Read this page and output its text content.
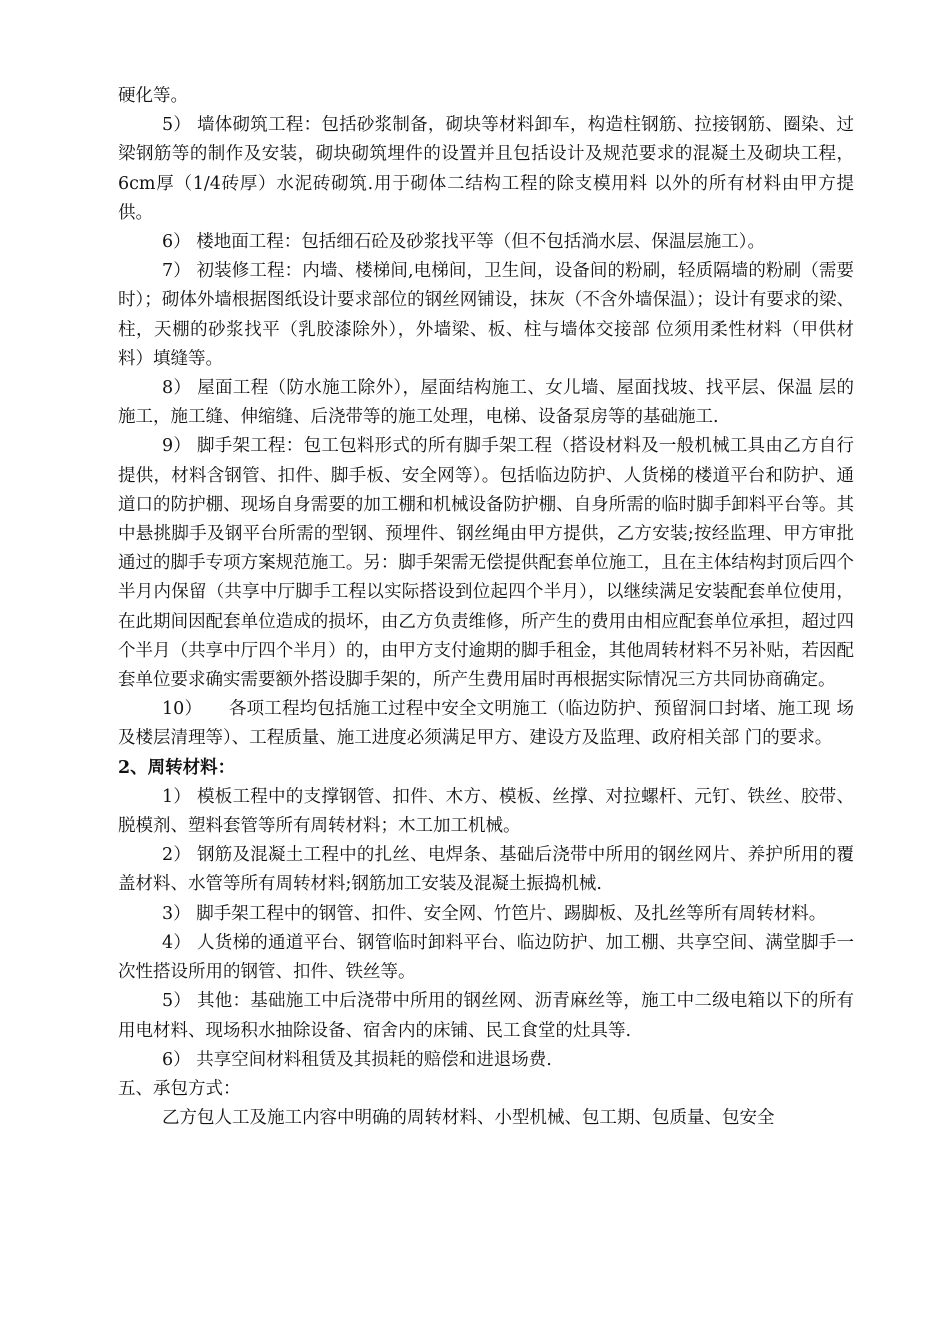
硬化等。

5） 墙体砌筑工程：包括砂浆制备，砌块等材料卸车，构造柱钢筋、拉接钢筋、圈染、过梁钢筋等的制作及安装，砌块砌筑埋件的设置并且包括设计及规范要求的混凝土及砌块工程，6cm厚（1/4砖厚）水泥砖砌筑.用于砌体二结构工程的除支模用料 以外的所有材料由甲方提供。

6） 楼地面工程：包括细石砼及砂浆找平等（但不包括淌水层、保温层施工）。

7） 初装修工程：内墙、楼梯间,电梯间，卫生间，设备间的粉刷，轻质隔墙的粉刷（需要时）；砌体外墙根据图纸设计要求部位的钢丝网铺设，抹灰（不含外墙保温）；设计有要求的梁、柱，天棚的砂浆找平（乳胶漆除外），外墙梁、板、柱与墙体交接部 位须用柔性材料（甲供材料）填缝等。

8） 屋面工程（防水施工除外），屋面结构施工、女儿墙、屋面找坡、找平层、保温 层的施工，施工缝、伸缩缝、后浇带等的施工处理，电梯、设备泵房等的基础施工.

9） 脚手架工程：包工包料形式的所有脚手架工程（搭设材料及一般机械工具由乙方自行提供，材料含钢管、扣件、脚手板、安全网等）。包括临边防护、人货梯的楼道平台和防护、通道口的防护棚、现场自身需要的加工棚和机械设备防护棚、自身所需的临时脚手卸料平台等。其中悬挑脚手及钢平台所需的型钢、预埋件、钢丝绳由甲方提供，乙方安装;按经监理、甲方审批通过的脚手专项方案规范施工。另：脚手架需无偿提供配套单位施工，且在主体结构封顶后四个半月内保留（共享中厅脚手工程以实际搭设到位起四个半月），以继续满足安装配套单位使用，在此期间因配套单位造成的损坏，由乙方负责维修，所产生的费用由相应配套单位承担，超过四个半月（共享中厅四个半月）的，由甲方支付逾期的脚手租金，其他周转材料不另补贴，若因配套单位要求确实需要额外搭设脚手架的，所产生费用届时再根据实际情况三方共同协商确定。

10）　　各项工程均包括施工过程中安全文明施工（临边防护、预留洞口封堵、施工现 场及楼层清理等）、工程质量、施工进度必须满足甲方、建设方及监理、政府相关部 门的要求。

2、周转材料：

1） 模板工程中的支撑钢管、扣件、木方、模板、丝撑、对拉螺杆、元钉、铁丝、胶带、脱模剂、塑料套管等所有周转材料；木工加工机械。

2） 钢筋及混凝土工程中的扎丝、电焊条、基础后浇带中所用的钢丝网片、养护所用的覆盖材料、水管等所有周转材料;钢筋加工安装及混凝土振捣机械.

3） 脚手架工程中的钢管、扣件、安全网、竹笆片、踢脚板、及扎丝等所有周转材料。

4） 人货梯的通道平台、钢管临时卸料平台、临边防护、加工棚、共享空间、满堂脚手一次性搭设所用的钢管、扣件、铁丝等。

5） 其他：基础施工中后浇带中所用的钢丝网、沥青麻丝等，施工中二级电箱以下的所有用电材料、现场积水抽除设备、宿舍内的床铺、民工食堂的灶具等.

6） 共享空间材料租赁及其损耗的赔偿和进退场费.

五、承包方式：

乙方包人工及施工内容中明确的周转材料、小型机械、包工期、包质量、包安全
